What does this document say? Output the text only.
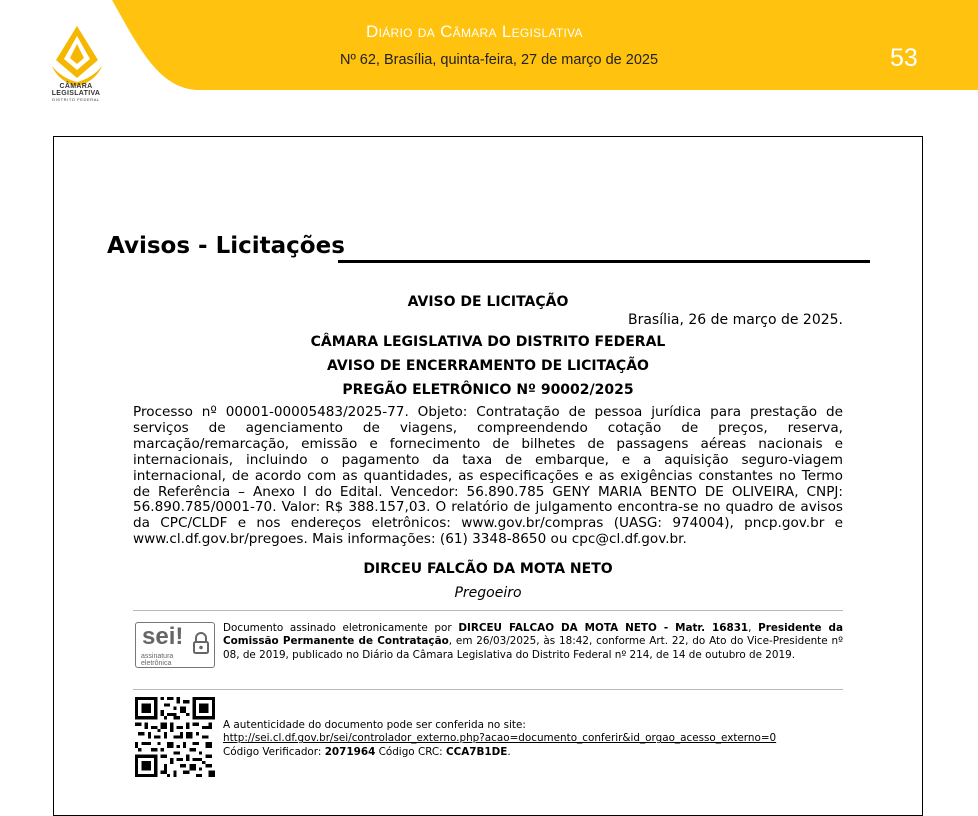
CÂMARA
LEGISLATIVA
DISTRITO FEDERAL
Diário da Câmara Legislativa
Nº 62, Brasília, quinta-feira, 27 de março de 2025	53
Avisos - Licitações
AVISO DE LICITAÇÃO
Brasília, 26 de março de 2025.
CÂMARA LEGISLATIVA DO DISTRITO FEDERAL
AVISO DE ENCERRAMENTO DE LICITAÇÃO
PREGÃO ELETRÔNICO Nº 90002/2025
Processo nº 00001-00005483/2025-77. Objeto: Contratação de pessoa jurídica para prestação de serviços de agenciamento de viagens, compreendendo cotação de preços, reserva, marcação/remarcação, emissão e fornecimento de bilhetes de passagens aéreas nacionais e internacionais, incluindo o pagamento da taxa de embarque, e a aquisição seguro-viagem internacional, de acordo com as quantidades, as especificações e as exigências constantes no Termo de Referência – Anexo I do Edital. Vencedor: 56.890.785 GENY MARIA BENTO DE OLIVEIRA, CNPJ: 56.890.785/0001-70. Valor: R$ 388.157,03. O relatório de julgamento encontra-se no quadro de avisos da CPC/CLDF e nos endereços eletrônicos: www.gov.br/compras (UASG: 974004), pncp.gov.br e www.cl.df.gov.br/pregoes. Mais informações: (61) 3348-8650 ou cpc@cl.df.gov.br.
DIRCEU FALCÃO DA MOTA NETO
Pregoeiro
sei!
assinatura
eletrônica
Documento assinado eletronicamente por DIRCEU FALCAO DA MOTA NETO - Matr. 16831, Presidente da Comissão Permanente de Contratação, em 26/03/2025, às 18:42, conforme Art. 22, do Ato do Vice-Presidente nº 08, de 2019, publicado no Diário da Câmara Legislativa do Distrito Federal nº 214, de 14 de outubro de 2019.
A autenticidade do documento pode ser conferida no site:
http://sei.cl.df.gov.br/sei/controlador_externo.php?acao=documento_conferir&id_orgao_acesso_externo=0
Código Verificador: 2071964 Código CRC: CCA7B1DE.
